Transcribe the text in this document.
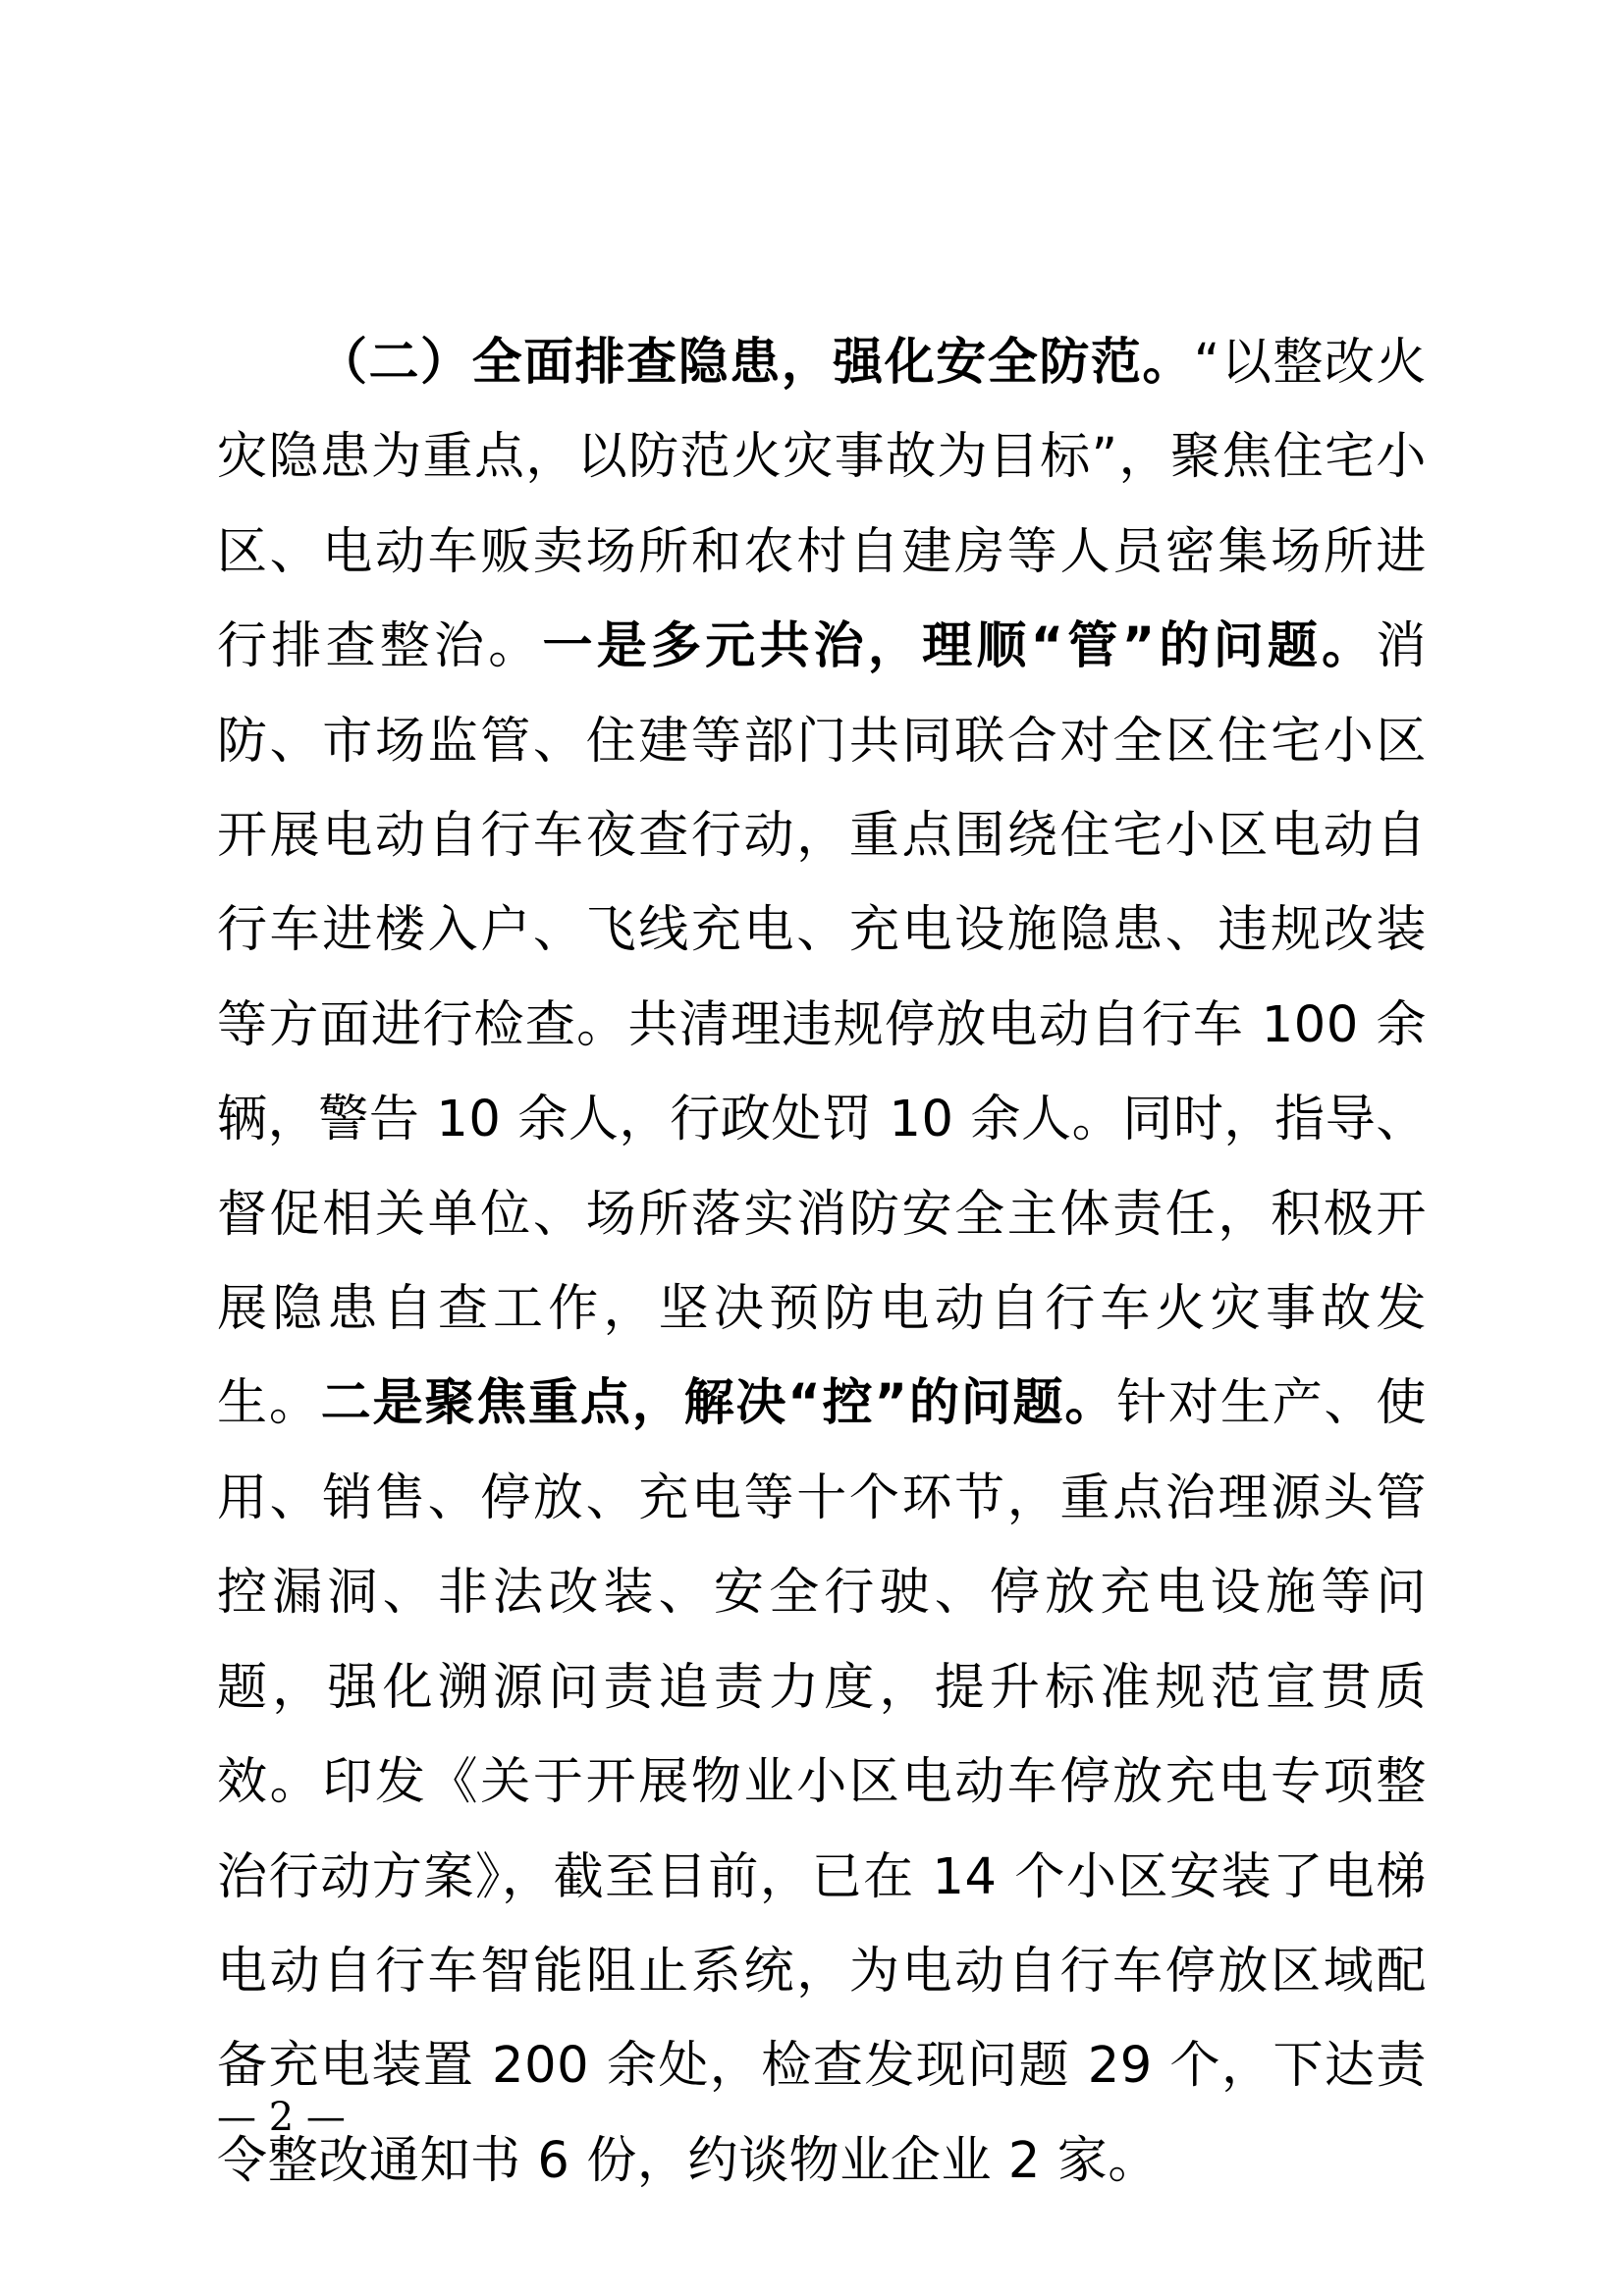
（二）全面排查隐患，强化安全防范。“以整改火灾隐患为重点，以防范火灾事故为目标”，聚焦住宅小区、电动车贩卖场所和农村自建房等人员密集场所进行排查整治。一是多元共治，理顺“管”的问题。消防、市场监管、住建等部门共同联合对全区住宅小区开展电动自行车夜查行动，重点围绕住宅小区电动自行车进楼入户、飞线充电、充电设施隐患、违规改装等方面进行检查。共清理违规停放电动自行车 100 余辆，警告 10 余人，行政处罚 10 余人。同时，指导、督促相关单位、场所落实消防安全主体责任，积极开展隐患自查工作，坚决预防电动自行车火灾事故发生。二是聚焦重点，解决“控”的问题。针对生产、使用、销售、停放、充电等十个环节，重点治理源头管控漏洞、非法改装、安全行驶、停放充电设施等问题，强化溯源问责追责力度，提升标准规范宣贯质效。印发《关于开展物业小区电动车停放充电专项整治行动方案》，截至目前，已在 14 个小区安装了电梯电动自行车智能阻止系统，为电动自行车停放区域配备充电装置 200 余处，检查发现问题 29 个，下达责令整改通知书 6 份，约谈物业企业 2 家。

— 2 —
